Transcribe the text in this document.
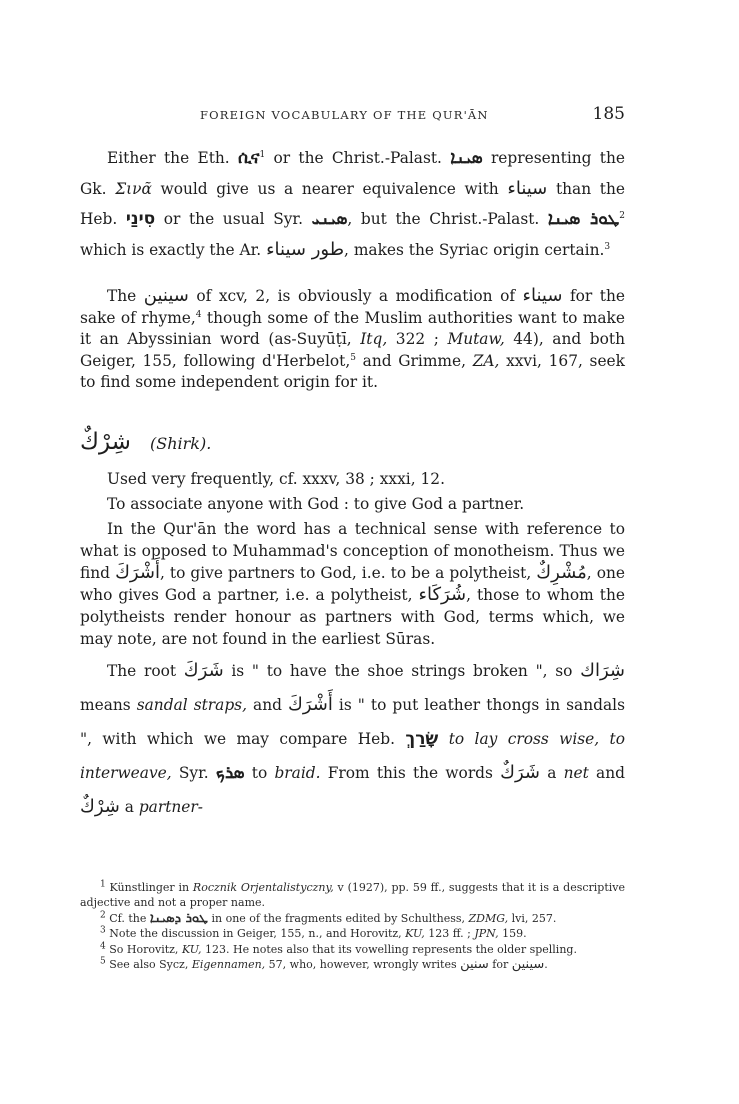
FOREIGN VOCABULARY OF THE QUR'ĀN	185

Either the Eth. ሲና$^1$ or the Christ.-Palast. ܣܝܢܐ representing the Gk. Σινᾶ would give us a nearer equivalence with سيناء than the Heb. סִינַי or the usual Syr. ܣܝܢܝ, but the Christ.-Palast. ܛܘܪ ܣܝܢܐ$^2$ which is exactly the Ar. طور سيناء, makes the Syriac origin certain.$^3$

The سينين of xcv, 2, is obviously a modification of سيناء for the sake of rhyme,$^4$ though some of the Muslim authorities want to make it an Abyssinian word (as-Suyūṭī, Itq, 322 ; Mutaw, 44), and both Geiger, 155, following d'Herbelot,$^5$ and Grimme, ZA, xxvi, 167, seek to find some independent origin for it.

شِرْكٌ (Shirk).

Used very frequently, cf. xxxv, 38 ; xxxi, 12.

To associate anyone with God : to give God a partner.

In the Qur'ān the word has a technical sense with reference to what is opposed to Muhammad's conception of monotheism. Thus we find أَشْرَكَ, to give partners to God, i.e. to be a polytheist, مُشْرِكٌ, one who gives God a partner, i.e. a polytheist, شُرَكَاء, those to whom the polytheists render honour as partners with God, terms which, we may note, are not found in the earliest Sūras.

The root شَرَكَ is " to have the shoe strings broken ", so شِرَاك means sandal straps, and أَشْرَكَ is " to put leather thongs in sandals ", with which we may compare Heb. שָׂרַךְ to lay cross wise, to interweave, Syr. ܣܪܟ to braid. From this the words شَرَكٌ a net and شِرْكٌ a partner-

$^1$ Künstlinger in Rocznik Orjentalistyczny, v (1927), pp. 59 ff., suggests that it is a descriptive adjective and not a proper name.

$^2$ Cf. the ܛܘܪ ܕܣܝܢܐ in one of the fragments edited by Schulthess, ZDMG, lvi, 257.

$^3$ Note the discussion in Geiger, 155, n., and Horovitz, KU, 123 ff. ; JPN, 159.

$^4$ So Horovitz, KU, 123. He notes also that its vowelling represents the older spelling.

$^5$ See also Sycz, Eigennamen, 57, who, however, wrongly writes سنين for سينين.
